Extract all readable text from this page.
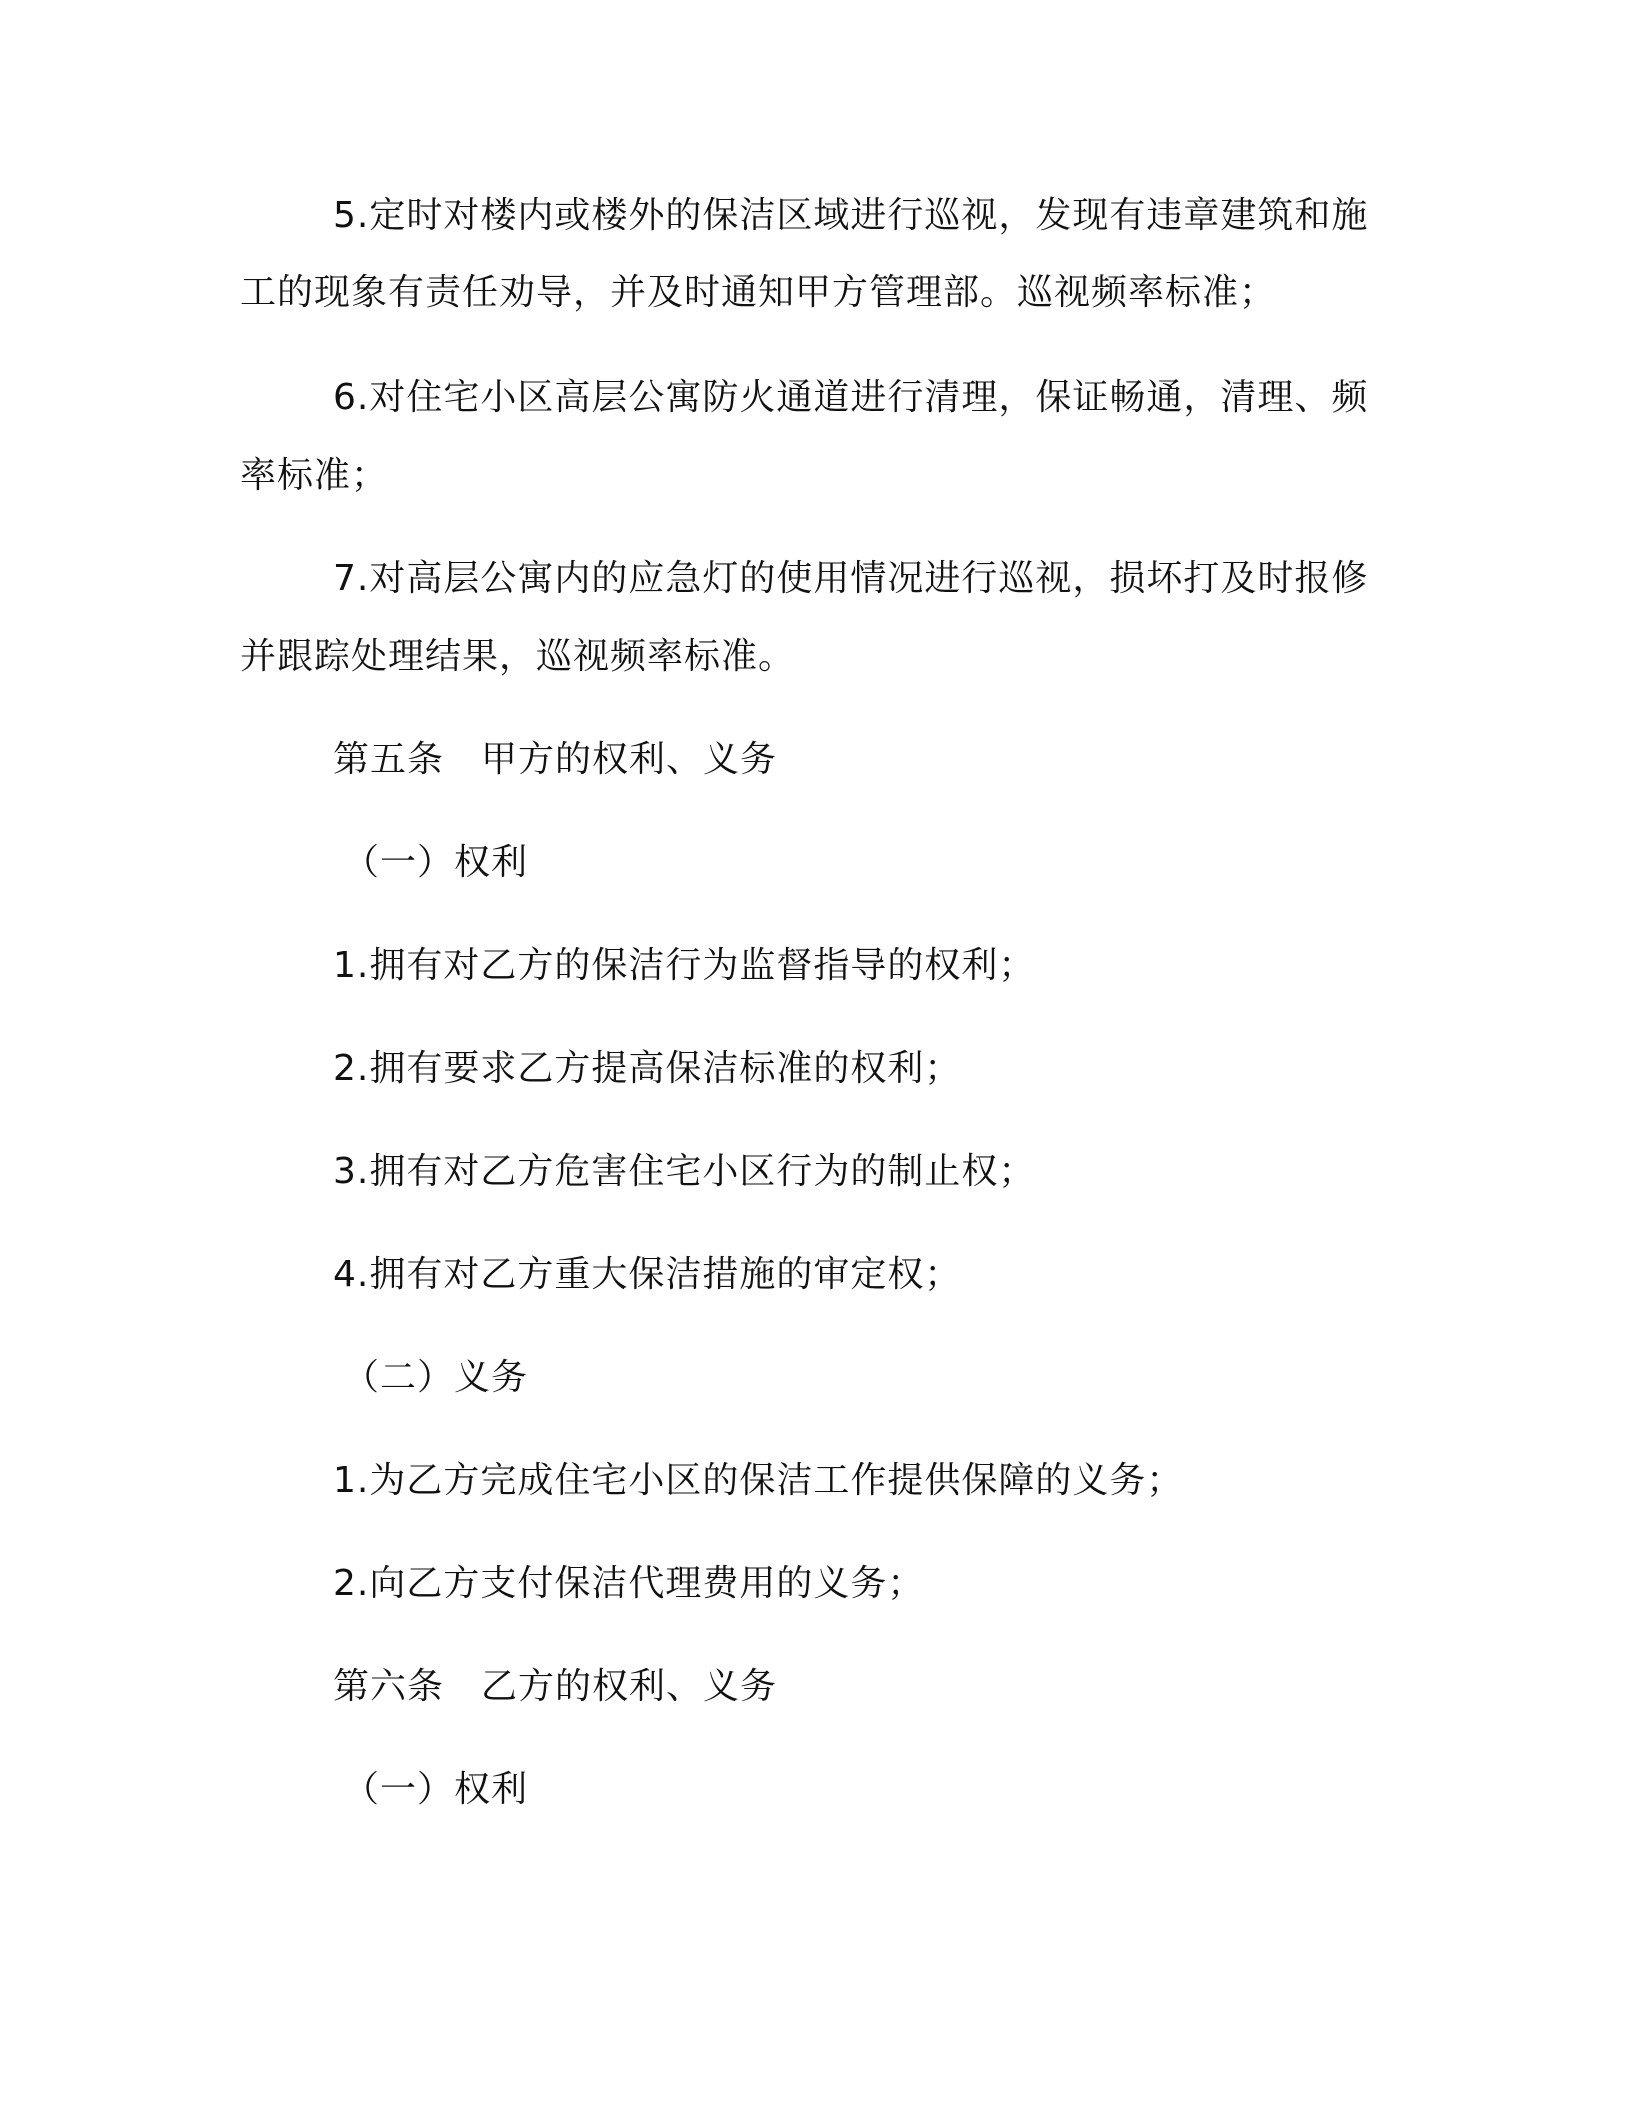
5.定时对楼内或楼外的保洁区域进行巡视，发现有违章建筑和施
工的现象有责任劝导，并及时通知甲方管理部。巡视频率标准；
6.对住宅小区高层公寓防火通道进行清理，保证畅通，清理、频
率标准；
7.对高层公寓内的应急灯的使用情况进行巡视，损坏打及时报修
并跟踪处理结果，巡视频率标准。
第五条　甲方的权利、义务
（一）权利
1.拥有对乙方的保洁行为监督指导的权利；
2.拥有要求乙方提高保洁标准的权利；
3.拥有对乙方危害住宅小区行为的制止权；
4.拥有对乙方重大保洁措施的审定权；
（二）义务
1.为乙方完成住宅小区的保洁工作提供保障的义务；
2.向乙方支付保洁代理费用的义务；
第六条　乙方的权利、义务
（一）权利
